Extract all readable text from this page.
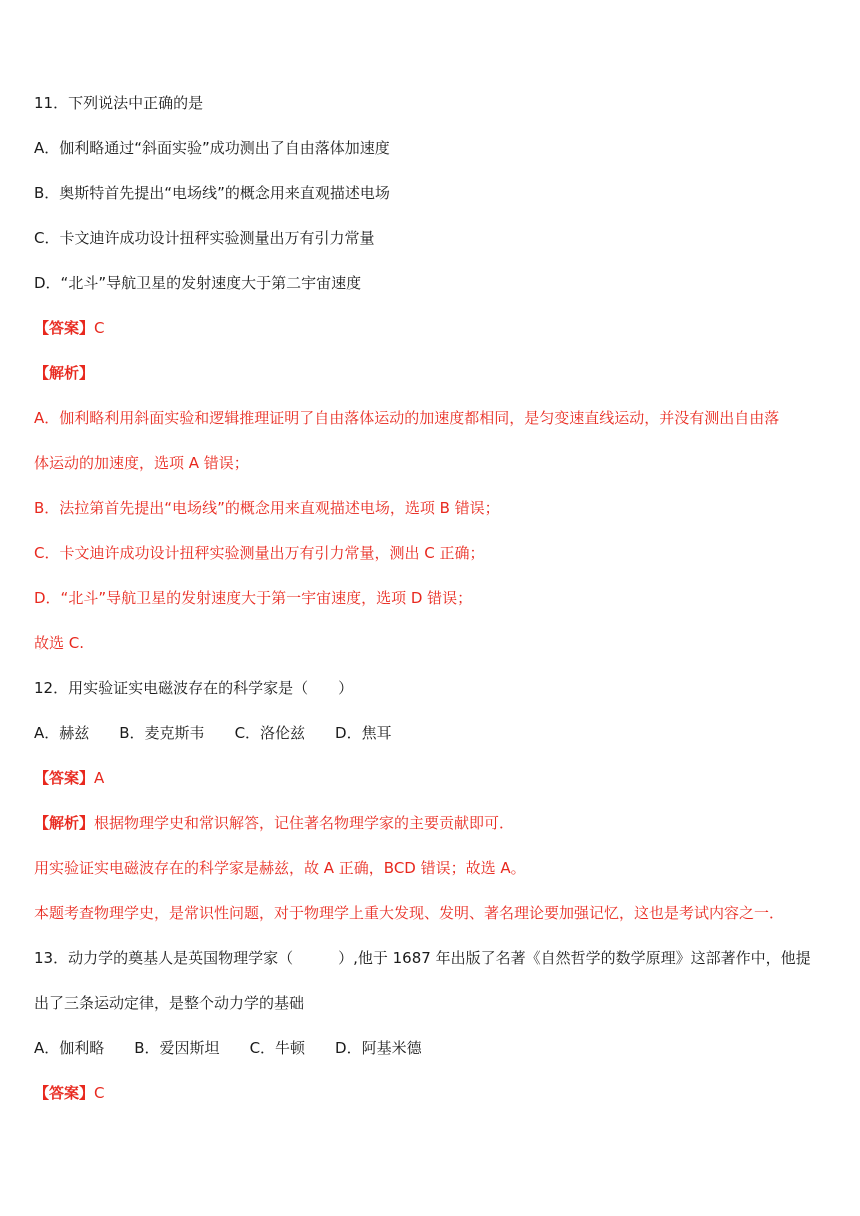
11．下列说法中正确的是
A．伽利略通过“斜面实验”成功测出了自由落体加速度
B．奥斯特首先提出“电场线”的概念用来直观描述电场
C．卡文迪许成功设计扭秤实验测量出万有引力常量
D．“北斗”导航卫星的发射速度大于第二宇宙速度
【答案】C
【解析】
A．伽利略利用斜面实验和逻辑推理证明了自由落体运动的加速度都相同，是匀变速直线运动，并没有测出自由落
体运动的加速度，选项 A 错误；
B．法拉第首先提出“电场线”的概念用来直观描述电场，选项 B 错误；
C．卡文迪许成功设计扭秤实验测量出万有引力常量，测出 C 正确；
D．“北斗”导航卫星的发射速度大于第一宇宙速度，选项 D 错误；
故选 C.
12．用实验证实电磁波存在的科学家是（　　）
A．赫兹 B．麦克斯韦 C．洛伦兹 D．焦耳
【答案】A
【解析】根据物理学史和常识解答，记住著名物理学家的主要贡献即可．
用实验证实电磁波存在的科学家是赫兹，故 A 正确，BCD 错误；故选 A。
本题考查物理学史，是常识性问题，对于物理学上重大发现、发明、著名理论要加强记忆，这也是考试内容之一．
13．动力学的奠基人是英国物理学家（　　　）,他于 1687 年出版了名著《自然哲学的数学原理》这部著作中，他提
出了三条运动定律，是整个动力学的基础
A．伽利略 B．爱因斯坦 C．牛顿 D．阿基米德
【答案】C
